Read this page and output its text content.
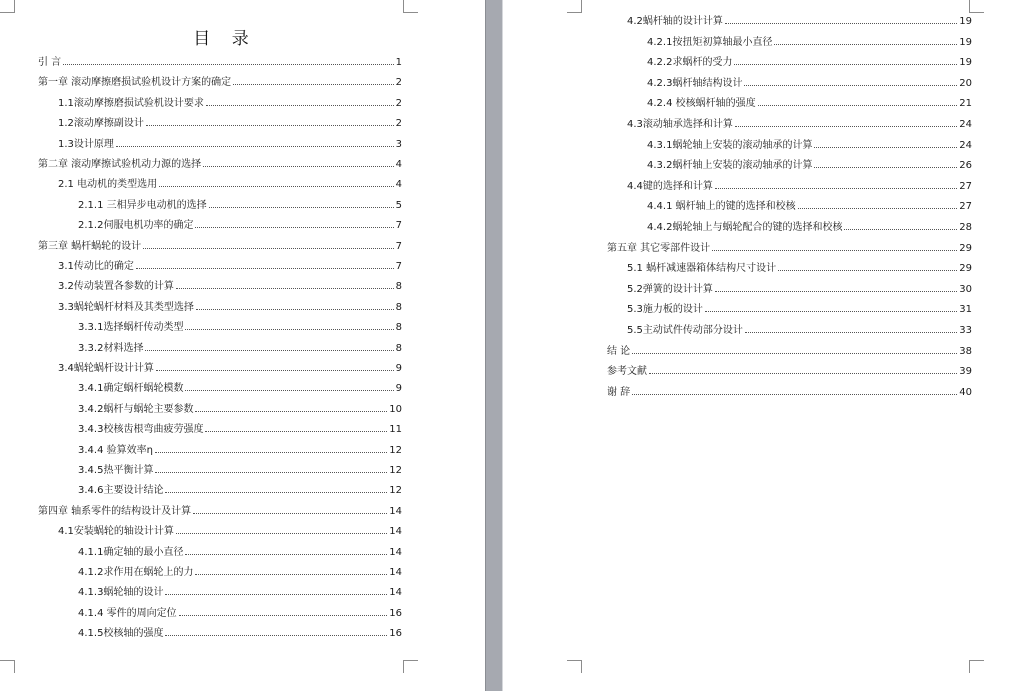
目 录
引 言	1
第一章 滚动摩擦磨损试验机设计方案的确定	2
1.1滚动摩擦磨损试验机设计要求	2
1.2滚动摩擦副设计	2
1.3设计原理	3
第二章 滚动摩擦试验机动力源的选择	4
2.1 电动机的类型选用	4
2.1.1 三相异步电动机的选择	5
2.1.2伺服电机功率的确定	7
第三章 蜗杆蜗轮的设计	7
3.1传动比的确定	7
3.2传动装置各参数的计算	8
3.3蜗轮蜗杆材料及其类型选择	8
3.3.1选择蜗杆传动类型	8
3.3.2材料选择	8
3.4蜗轮蜗杆设计计算	9
3.4.1确定蜗杆蜗轮模数	9
3.4.2蜗杆与蜗轮主要参数	10
3.4.3校核齿根弯曲疲劳强度	11
3.4.4 验算效率η	12
3.4.5热平衡计算	12
3.4.6主要设计结论	12
第四章 轴系零件的结构设计及计算	14
4.1安装蜗轮的轴设计计算	14
4.1.1确定轴的最小直径	14
4.1.2求作用在蜗轮上的力	14
4.1.3蜗轮轴的设计	14
4.1.4 零件的周向定位	16
4.1.5校核轴的强度	16
4.2蜗杆轴的设计计算	19
4.2.1按扭矩初算轴最小直径	19
4.2.2求蜗杆的受力	19
4.2.3蜗杆轴结构设计	20
4.2.4 校核蜗杆轴的强度	21
4.3滚动轴承选择和计算	24
4.3.1蜗轮轴上安装的滚动轴承的计算	24
4.3.2蜗杆轴上安装的滚动轴承的计算	26
4.4键的选择和计算	27
4.4.1 蜗杆轴上的键的选择和校核	27
4.4.2蜗轮轴上与蜗轮配合的键的选择和校核	28
第五章 其它零部件设计	29
5.1 蜗杆减速器箱体结构尺寸设计	29
5.2弹簧的设计计算	30
5.3施力板的设计	31
5.5主动试件传动部分设计	33
结 论	38
参考文献	39
谢 辞	40
